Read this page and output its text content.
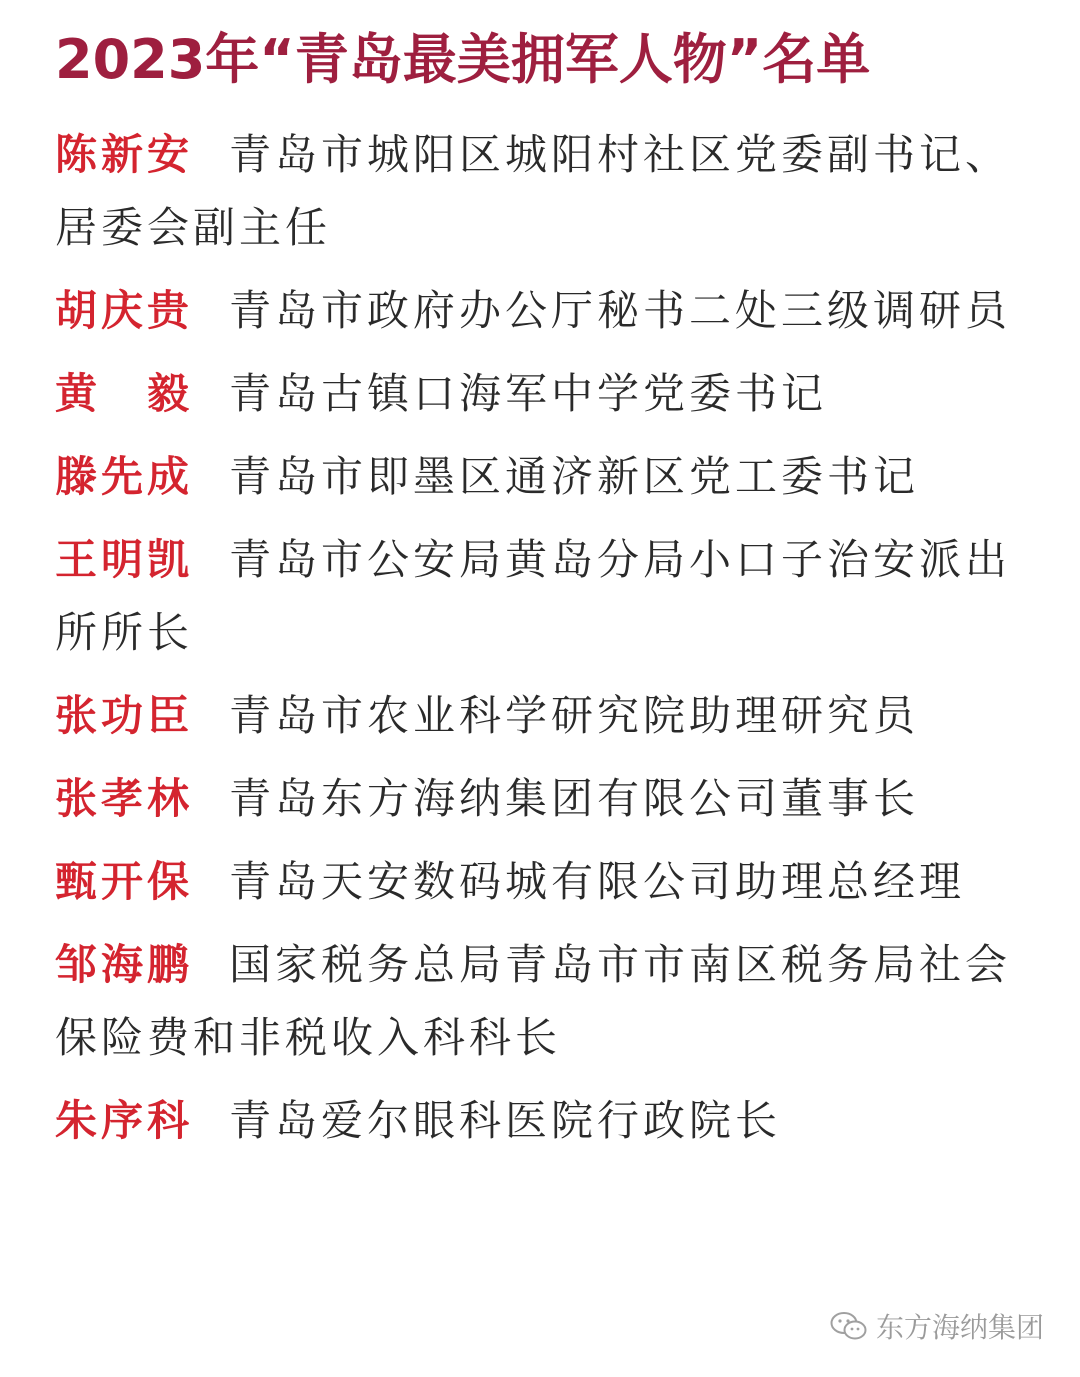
2023年“青岛最美拥军人物”名单
陈新安 青岛市城阳区城阳村社区党委副书记、居委会副主任
胡庆贵 青岛市政府办公厅秘书二处三级调研员
黄　毅 青岛古镇口海军中学党委书记
滕先成 青岛市即墨区通济新区党工委书记
王明凯 青岛市公安局黄岛分局小口子治安派出所所长
张功臣 青岛市农业科学研究院助理研究员
张孝林 青岛东方海纳集团有限公司董事长
甄开保 青岛天安数码城有限公司助理总经理
邹海鹏 国家税务总局青岛市市南区税务局社会保险费和非税收入科科长
朱序科 青岛爱尔眼科医院行政院长
东方海纳集团
